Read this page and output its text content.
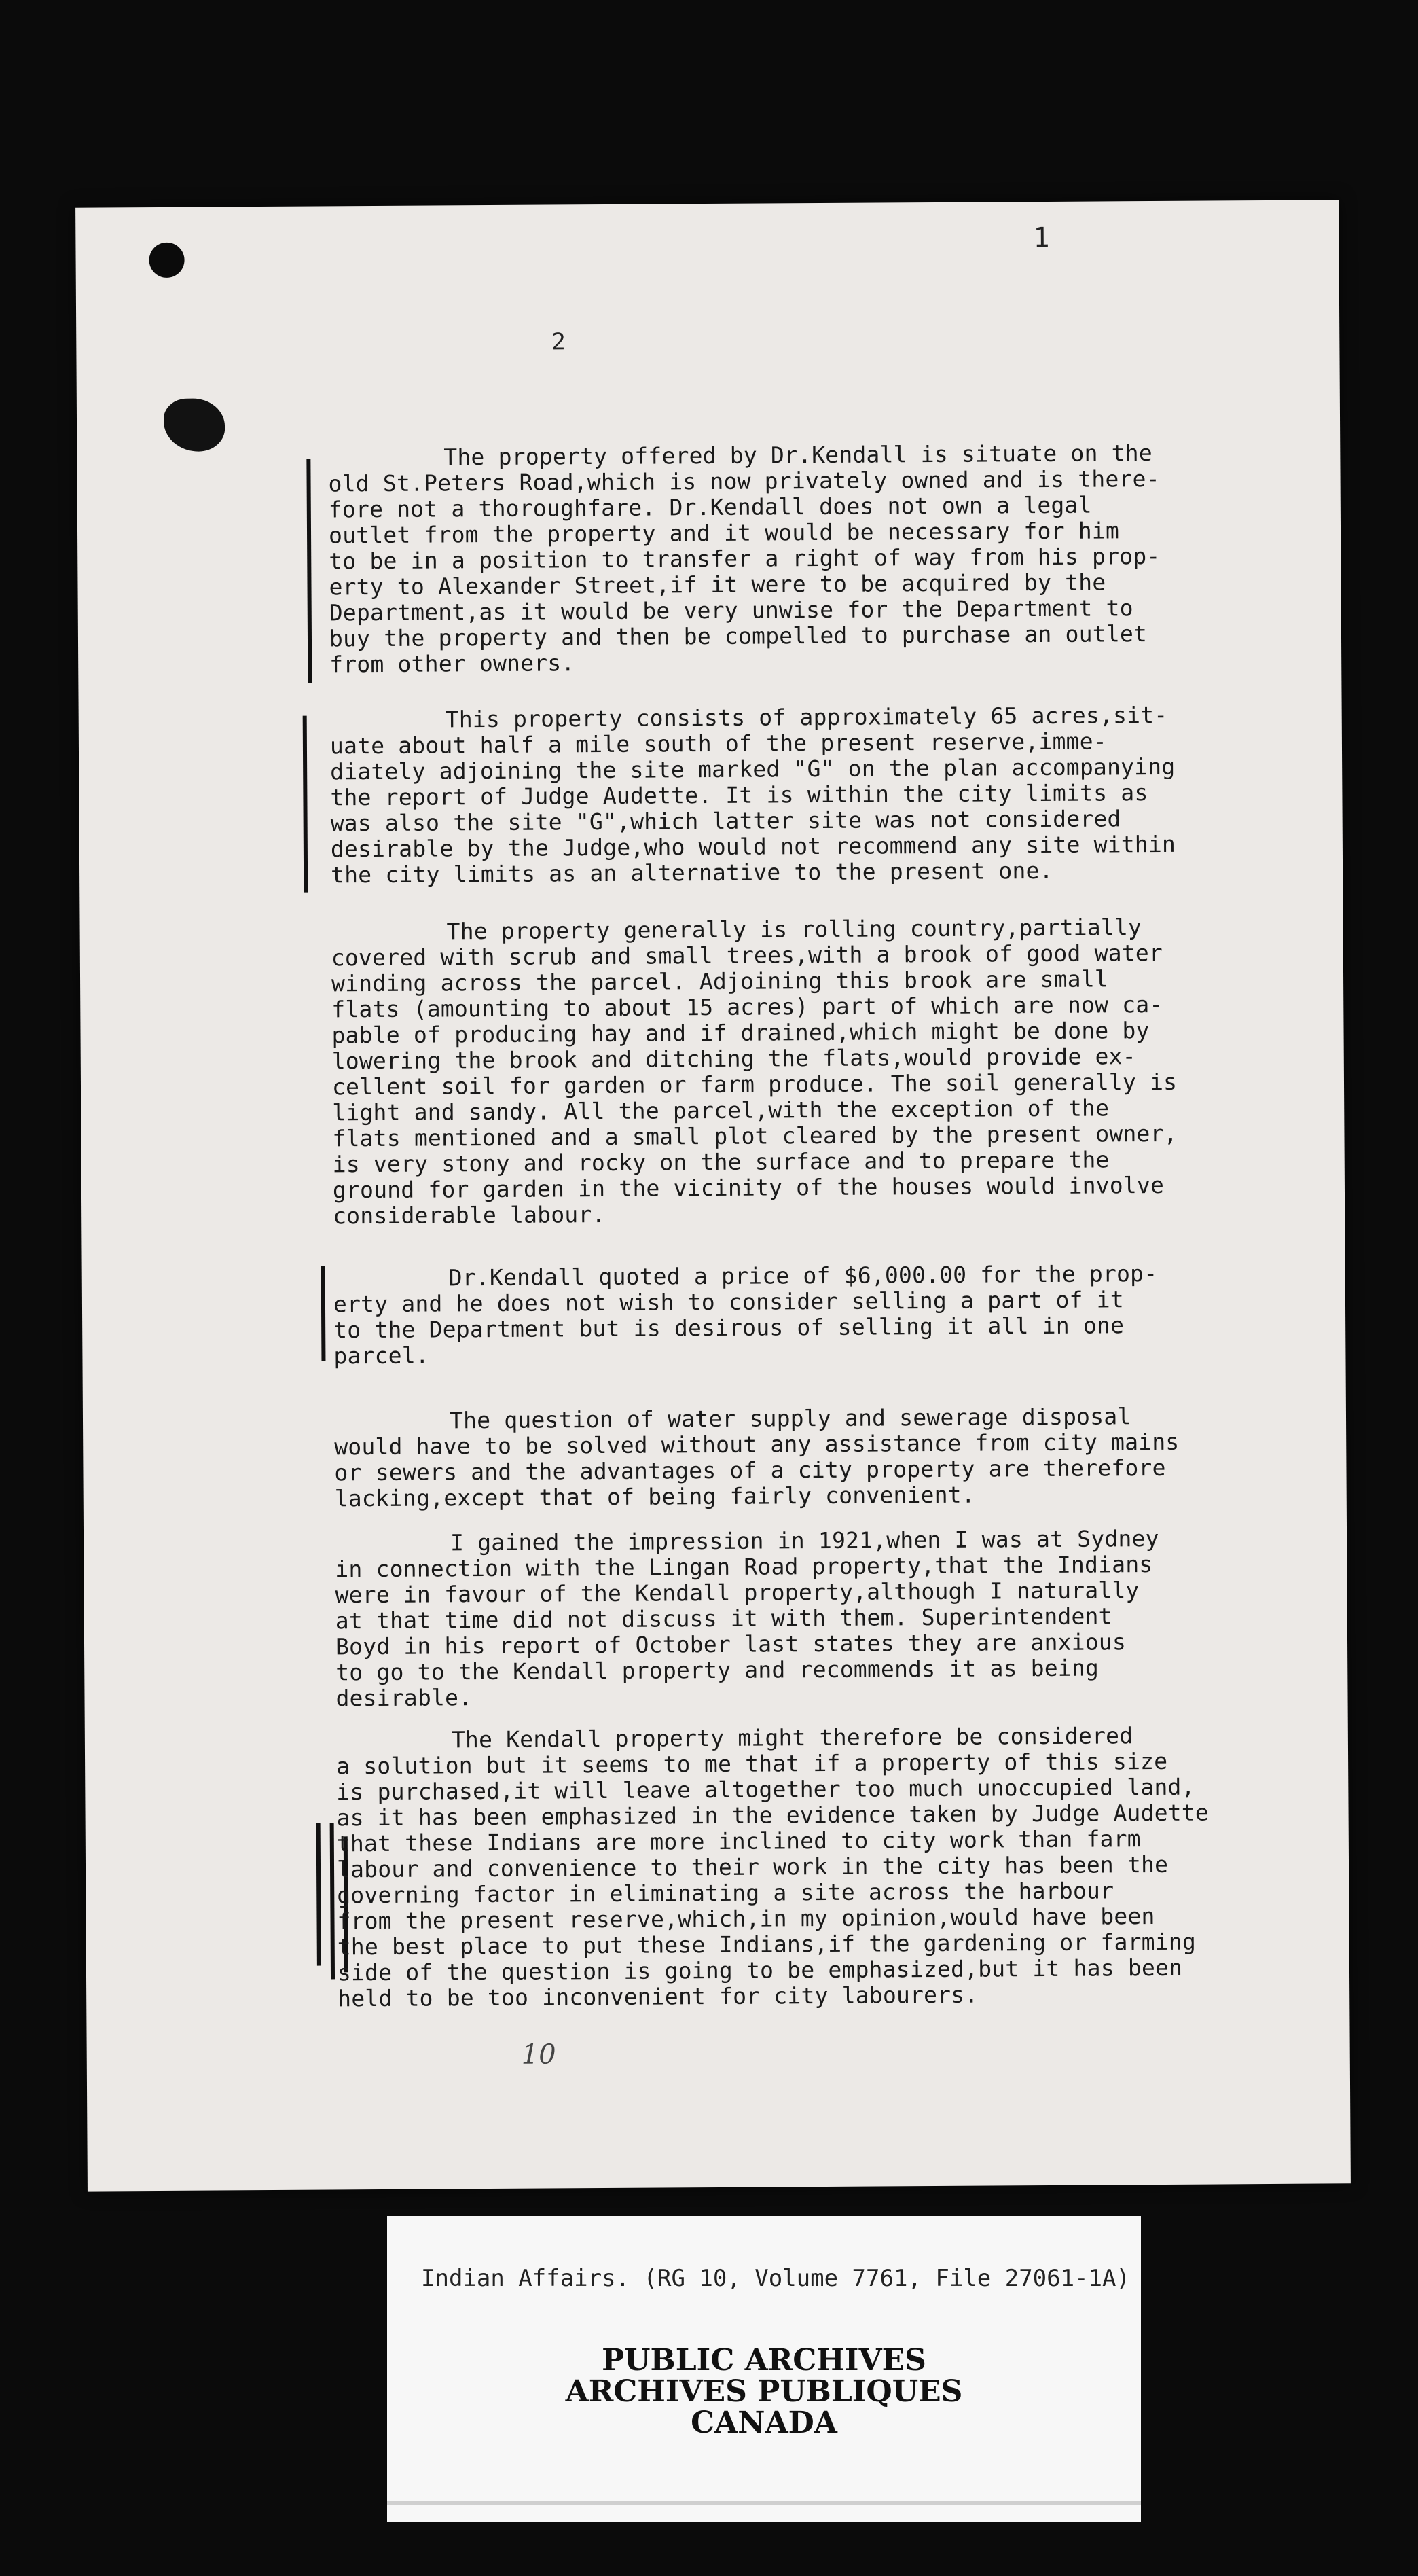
1
2
The property offered by Dr.Kendall is situate on the
old St.Peters Road,which is now privately owned and is there-
fore not a thoroughfare. Dr.Kendall does not own a legal
outlet from the property and it would be necessary for him
to be in a position to transfer a right of way from his prop-
erty to Alexander Street,if it were to be acquired by the
Department,as it would be very unwise for the Department to
buy the property and then be compelled to purchase an outlet
from other owners.
This property consists of approximately 65 acres,sit-
uate about half a mile south of the present reserve,imme-
diately adjoining the site marked "G" on the plan accompanying
the report of Judge Audette. It is within the city limits as
was also the site "G",which latter site was not considered
desirable by the Judge,who would not recommend any site within
the city limits as an alternative to the present one.
The property generally is rolling country,partially
covered with scrub and small trees,with a brook of good water
winding across the parcel. Adjoining this brook are small
flats (amounting to about 15 acres) part of which are now ca-
pable of producing hay and if drained,which might be done by
lowering the brook and ditching the flats,would provide ex-
cellent soil for garden or farm produce. The soil generally is
light and sandy. All the parcel,with the exception of the
flats mentioned and a small plot cleared by the present owner,
is very stony and rocky on the surface and to prepare the
ground for garden in the vicinity of the houses would involve
considerable labour.
Dr.Kendall quoted a price of $6,000.00 for the prop-
erty and he does not wish to consider selling a part of it
to the Department but is desirous of selling it all in one
parcel.
The question of water supply and sewerage disposal
would have to be solved without any assistance from city mains
or sewers and the advantages of a city property are therefore
lacking,except that of being fairly convenient.
I gained the impression in 1921,when I was at Sydney
in connection with the Lingan Road property,that the Indians
were in favour of the Kendall property,although I naturally
at that time did not discuss it with them. Superintendent
Boyd in his report of October last states they are anxious
to go to the Kendall property and recommends it as being
desirable.
The Kendall property might therefore be considered
a solution but it seems to me that if a property of this size
is purchased,it will leave altogether too much unoccupied land,
as it has been emphasized in the evidence taken by Judge Audette
that these Indians are more inclined to city work than farm
labour and convenience to their work in the city has been the
governing factor in eliminating a site across the harbour
from the present reserve,which,in my opinion,would have been
the best place to put these Indians,if the gardening or farming
side of the question is going to be emphasized,but it has been
held to be too inconvenient for city labourers.
10
Indian Affairs. (RG 10, Volume 7761, File 27061-1A)
PUBLIC ARCHIVES
ARCHIVES PUBLIQUES
CANADA
